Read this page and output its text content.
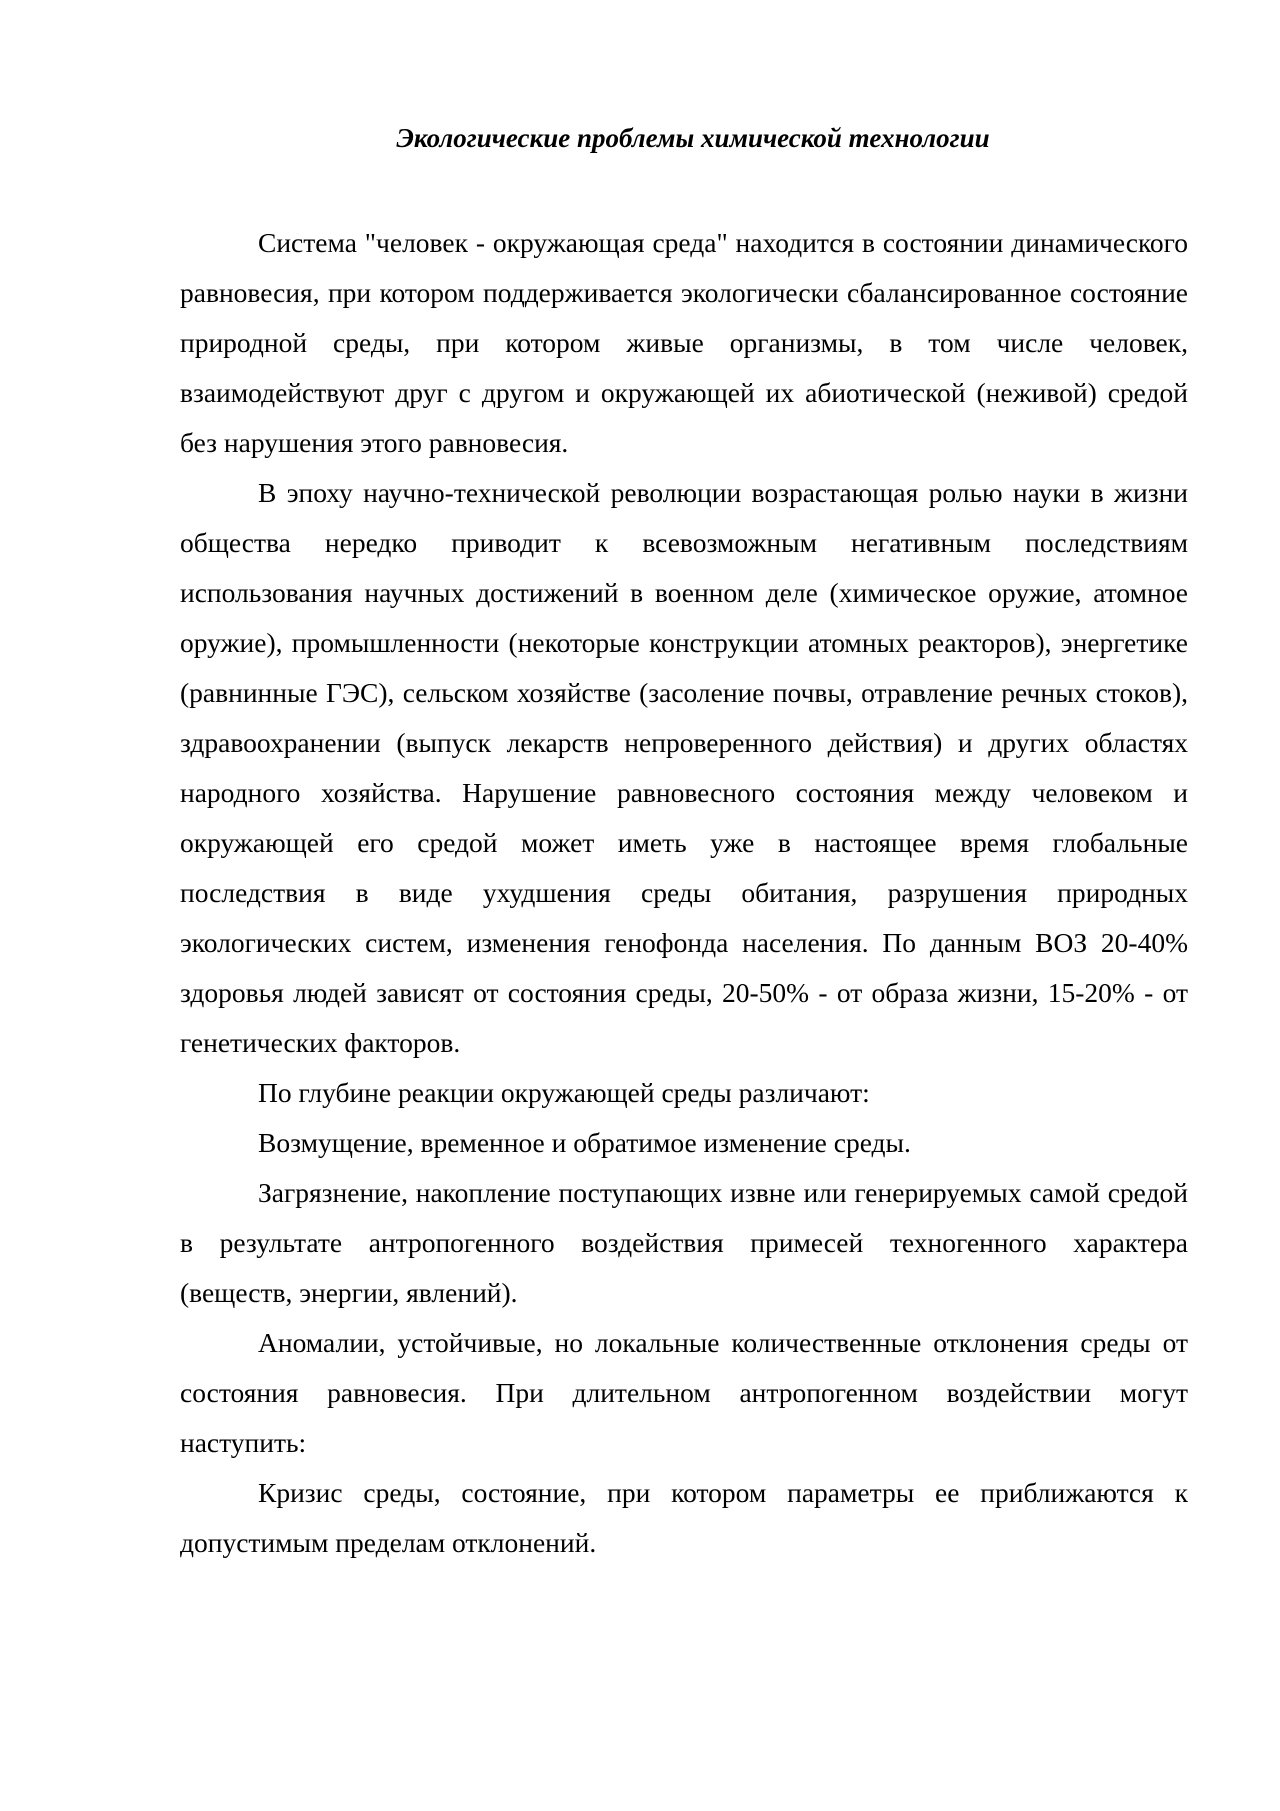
Экологические проблемы химической технологии

Система "человек - окружающая среда" находится в состоянии динамического равновесия, при котором поддерживается экологически сбалансированное состояние природной среды, при котором живые организмы, в том числе человек, взаимодействуют друг с другом и окружающей их абиотической (неживой) средой без нарушения этого равновесия.

В эпоху научно-технической революции возрастающая ролью науки в жизни общества нередко приводит к всевозможным негативным последствиям использования научных достижений в военном деле (химическое оружие, атомное оружие), промышленности (некоторые конструкции атомных реакторов), энергетике (равнинные ГЭС), сельском хозяйстве (засоление почвы, отравление речных стоков), здравоохранении (выпуск лекарств непроверенного действия) и других областях народного хозяйства. Нарушение равновесного состояния между человеком и окружающей его средой может иметь уже в настоящее время глобальные последствия в виде ухудшения среды обитания, разрушения природных экологических систем, изменения генофонда населения. По данным ВОЗ 20-40% здоровья людей зависят от состояния среды, 20-50% - от образа жизни, 15-20% - от генетических факторов.

По глубине реакции окружающей среды различают:

Возмущение, временное и обратимое изменение среды.

Загрязнение, накопление поступающих извне или генерируемых самой средой в результате антропогенного воздействия примесей техногенного характера (веществ, энергии, явлений).

Аномалии, устойчивые, но локальные количественные отклонения среды от состояния равновесия. При длительном антропогенном воздействии могут наступить:

Кризис среды, состояние, при котором параметры ее приближаются к допустимым пределам отклонений.
